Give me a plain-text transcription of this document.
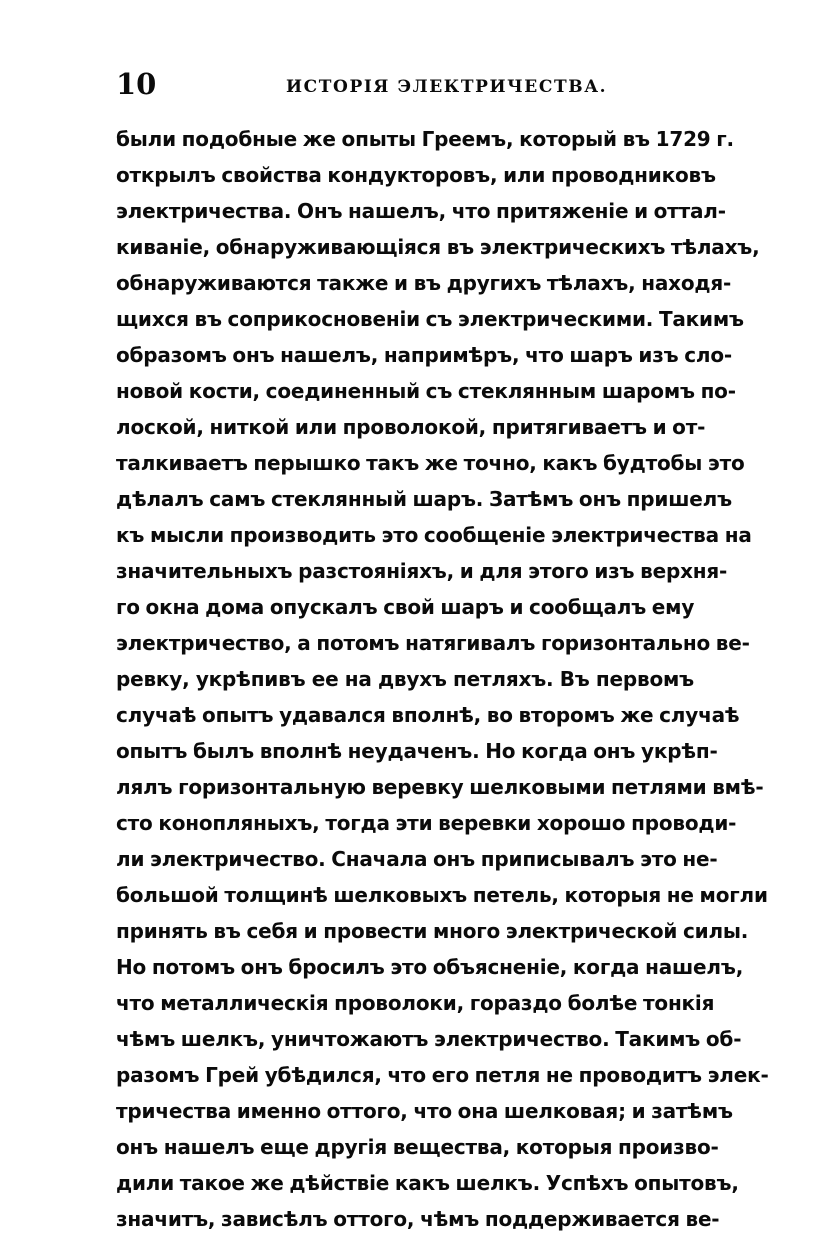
10	ИСТОРІЯ ЭЛЕКТРИЧЕСТВА.
были подобные же опыты Греемъ, который въ 1729 г.
открылъ свойства кондукторовъ, или проводниковъ
электричества. Онъ нашелъ, что притяженіе и оттал-
киваніе, обнаруживающіяся въ электрическихъ тѣлахъ,
обнаруживаются также и въ другихъ тѣлахъ, находя-
щихся въ соприкосновеніи съ электрическими. Такимъ
образомъ онъ нашелъ, напримѣръ, что шаръ изъ сло-
новой кости, соединенный съ стеклянным шаромъ по-
лоской, ниткой или проволокой, притягиваетъ и от-
талкиваетъ перышко такъ же точно, какъ будтобы это
дѣлалъ самъ стеклянный шаръ. Затѣмъ онъ пришелъ
къ мысли производить это сообщеніе электричества на
значительныхъ разстояніяхъ, и для этого изъ верхня-
го окна дома опускалъ свой шаръ и сообщалъ ему
электричество, а потомъ натягивалъ горизонтально ве-
ревку, укрѣпивъ ее на двухъ петляхъ. Въ первомъ
случаѣ опытъ удавался вполнѣ, во второмъ же случаѣ
опытъ былъ вполнѣ неудаченъ. Но когда онъ укрѣп-
лялъ горизонтальную веревку шелковыми петлями вмѣ-
сто конопляныхъ, тогда эти веревки хорошо проводи-
ли электричество. Сначала онъ приписывалъ это не-
большой толщинѣ шелковыхъ петель, которыя не могли
принять въ себя и провести много электрической силы.
Но потомъ онъ бросилъ это объясненіе, когда нашелъ,
что металлическія проволоки, гораздо болѣе тонкія
чѣмъ шелкъ, уничтожаютъ электричество. Такимъ об-
разомъ Грей убѣдился, что его петля не проводитъ элек-
тричества именно оттого, что она шелковая; и затѣмъ
онъ нашелъ еще другія вещества, которыя произво-
дили такое же дѣйствіе какъ шелкъ. Успѣхъ опытовъ,
значитъ, зависѣлъ оттого, чѣмъ поддерживается ве-
